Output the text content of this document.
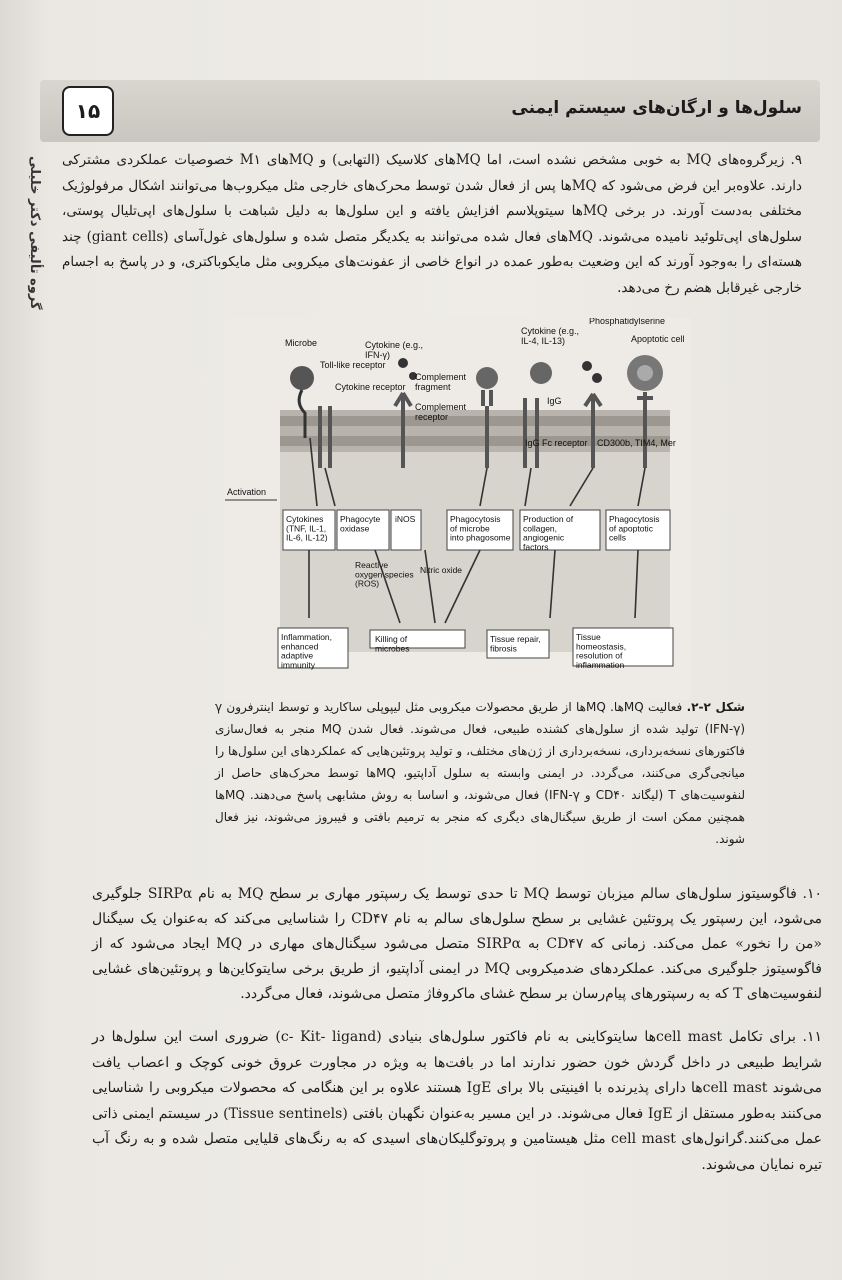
سلول‌ها و ارگان‌های سیستم ایمنی
۱۵
گروه تألیفی دکتر خلیلی ۹. زیرگروه‌های MQ به خوبی مشخص نشده است، اما MQهای کلاسیک (التهابی) و MQهای M۱ خصوصیات عملکردی مشترکی دارند. علاوه‌بر این فرض می‌شود که MQها پس از فعال شدن توسط محرک‌های خارجی مثل میکروب‌ها می‌توانند اشکال مرفولوژیک مختلفی به‌دست آورند. در برخی MQها سیتوپلاسم افزایش یافته و این سلول‌ها به دلیل شباهت با سلول‌های اپی‌تلیال پوستی، سلول‌های اپی‌تلوئید نامیده می‌شوند. MQهای فعال شده می‌توانند به یکدیگر متصل شده و سلول‌های غول‌آسای (giant cells) چند هسته‌ای را به‌وجود آورند که این وضعیت به‌طور عمده در انواع خاصی از عفونت‌های میکروبی مثل مایکوباکتری، و در پاسخ به اجسام خارجی غیرقابل هضم رخ می‌دهد.
Microbe
Toll-like receptor
Cytokine (e.g., IFN-γ)
Cytokine receptor
Complement fragment
Complement receptor
IgG
IgG Fc receptor
Cytokine (e.g., IL-4, IL-13)
Phosphatidylserine
Apoptotic cell
CD300b, TIM4, Mer
Activation
Cytokines (TNF, IL-1, IL-6, IL-12)
Phagocyte oxidase
iNOS	Phagocytosis of microbe into phagosome
Production of collagen, angiogenic factors
Phagocytosis of apoptotic cells
Reactive oxygen species (ROS)
Nitric oxide
Inflammation, enhanced adaptive immunity
Killing of microbes
Tissue repair, fibrosis
Tissue homeostasis, resolution of inflammation
شکل ۲-۲. فعالیت MQها. MQها از طریق محصولات میکروبی مثل لیپوپلی ساکارید و توسط اینترفرون γ (IFN-γ) تولید شده از سلول‌های کشنده طبیعی، فعال می‌شوند. فعال شدن MQ منجر به فعال‌سازی فاکتورهای نسخه‌برداری، نسخه‌برداری از ژن‌های مختلف، و تولید پروتئین‌هایی که عملکردهای این سلول‌ها را میانجی‌گری می‌کنند، می‌گردد. در ایمنی وابسته به سلول آداپتیو، MQها توسط محرک‌های حاصل از لنفوسیت‌های T (لیگاند CD۴۰ و IFN-γ) فعال می‌شوند، و اساسا به روش مشابهی پاسخ می‌دهند. MQها همچنین ممکن است از طریق سیگنال‌های دیگری که منجر به ترمیم بافتی و فیبروز می‌شوند، نیز فعال شوند.
۱۰. فاگوسیتوز سلول‌های سالم میزبان توسط MQ تا حدی توسط یک رسپتور مهاری بر سطح MQ به نام SIRPα جلوگیری می‌شود، این رسپتور یک پروتئین غشایی بر سطح سلول‌های سالم به نام CD۴۷ را شناسایی می‌کند که به‌عنوان یک سیگنال «من را نخور» عمل می‌کند. زمانی که CD۴۷ به SIRPα متصل می‌شود سیگنال‌های مهاری در MQ ایجاد می‌شود که از فاگوسیتوز جلوگیری می‌کند. عملکردهای ضدمیکروبی MQ در ایمنی آداپتیو، از طریق برخی سایتوکاین‌ها و پروتئین‌های غشایی لنفوسیت‌های T که به رسپتورهای پیام‌رسان بر سطح غشای ماکروفاژ متصل می‌شوند، فعال می‌گردد.
۱۱. برای تکامل cell mastها سایتوکاینی به نام فاکتور سلول‌های بنیادی (c- Kit- ligand) ضروری است این سلول‌ها در شرایط طبیعی در داخل گردش خون حضور ندارند اما در بافت‌ها به ویژه در مجاورت عروق خونی کوچک و اعصاب یافت می‌شوند cell mastها دارای پذیرنده با افینیتی بالا برای IgE هستند علاوه بر این هنگامی که محصولات میکروبی را شناسایی می‌کنند به‌طور مستقل از IgE فعال می‌شوند. در این مسیر به‌عنوان نگهبان بافتی (Tissue sentinels) در سیستم ایمنی ذاتی عمل می‌کنند.گرانول‌های cell mast مثل هیستامین و پروتوگلیکان‌های اسیدی که به رنگ‌های قلیایی متصل شده و به رنگ آب تیره نمایان می‌شوند.
